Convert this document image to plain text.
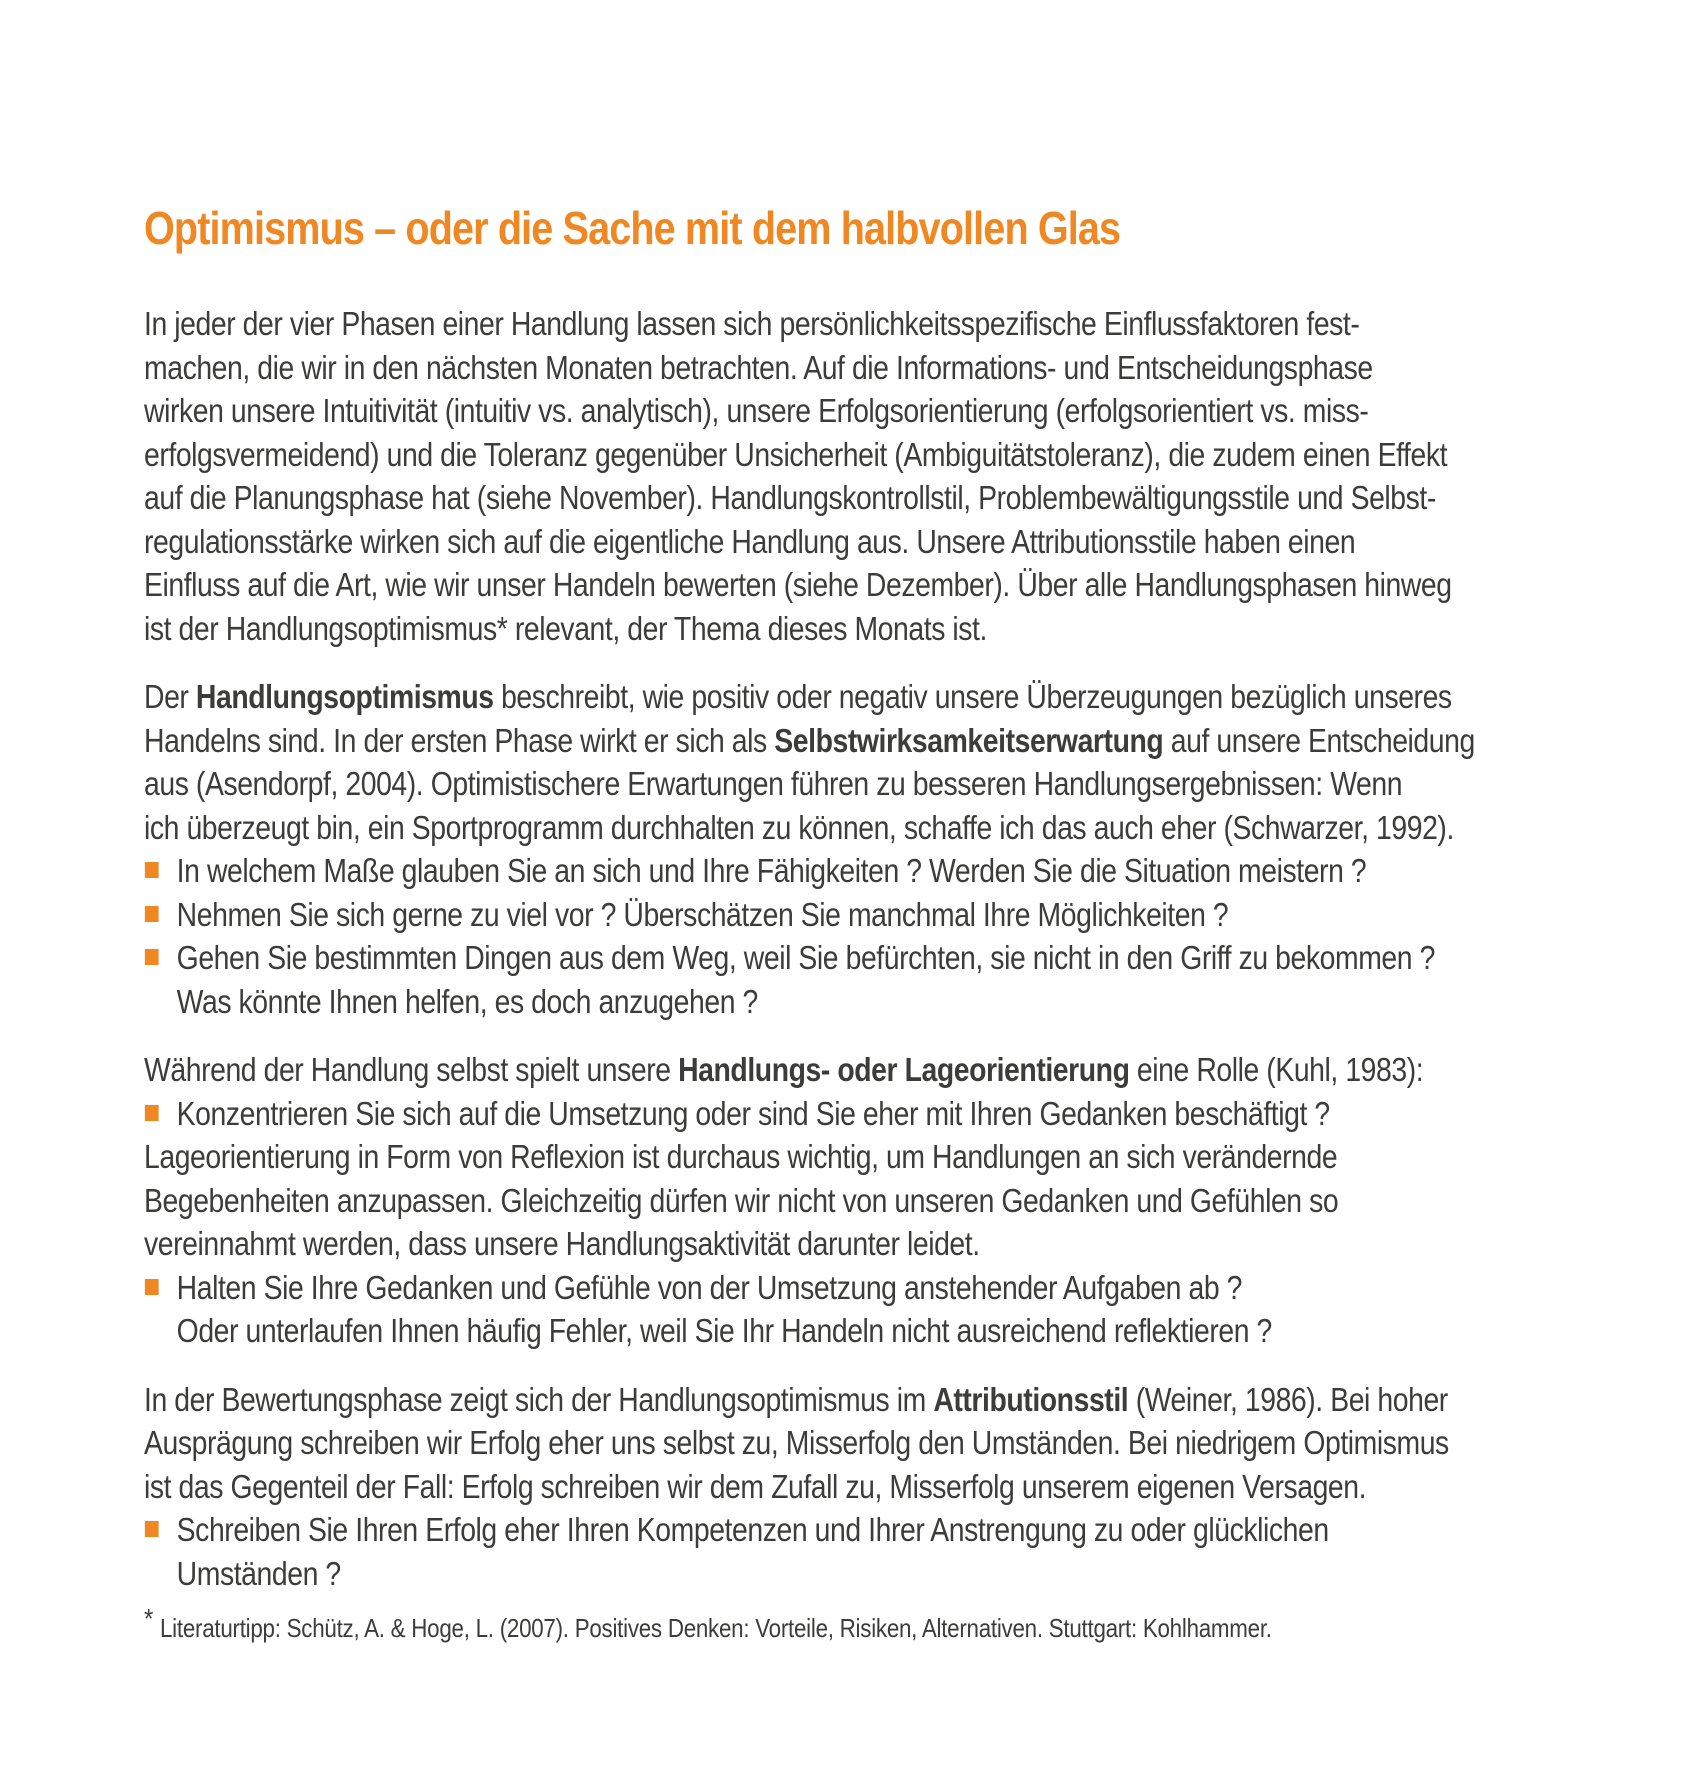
Optimismus – oder die Sache mit dem halbvollen Glas
In jeder der vier Phasen einer Handlung lassen sich persönlichkeitsspezifische Einflussfaktoren fest-
machen, die wir in den nächsten Monaten betrachten. Auf die Informations- und Entscheidungsphase
wirken unsere Intuitivität (intuitiv vs. analytisch), unsere Erfolgsorientierung (erfolgsorientiert vs. miss-
erfolgsvermeidend) und die Toleranz gegenüber Unsicherheit (Ambiguitätstoleranz), die zudem einen Effekt
auf die Planungsphase hat (siehe November). Handlungskontrollstil, Problembewältigungsstile und Selbst-
regulationsstärke wirken sich auf die eigentliche Handlung aus. Unsere Attributionsstile haben einen
Einfluss auf die Art, wie wir unser Handeln bewerten (siehe Dezember). Über alle Handlungsphasen hinweg
ist der Handlungsoptimismus* relevant, der Thema dieses Monats ist.
Der Handlungsoptimismus beschreibt, wie positiv oder negativ unsere Überzeugungen bezüglich unseres
Handelns sind. In der ersten Phase wirkt er sich als Selbstwirksamkeitserwartung auf unsere Entscheidung
aus (Asendorpf, 2004). Optimistischere Erwartungen führen zu besseren Handlungsergebnissen: Wenn
ich überzeugt bin, ein Sportprogramm durchhalten zu können, schaffe ich das auch eher (Schwarzer, 1992).
In welchem Maße glauben Sie an sich und Ihre Fähigkeiten ? Werden Sie die Situation meistern ?
Nehmen Sie sich gerne zu viel vor ? Überschätzen Sie manchmal Ihre Möglichkeiten ?
Gehen Sie bestimmten Dingen aus dem Weg, weil Sie befürchten, sie nicht in den Griff zu bekommen ?
Was könnte Ihnen helfen, es doch anzugehen ?
Während der Handlung selbst spielt unsere Handlungs- oder Lageorientierung eine Rolle (Kuhl, 1983):
Konzentrieren Sie sich auf die Umsetzung oder sind Sie eher mit Ihren Gedanken beschäftigt ?
Lageorientierung in Form von Reflexion ist durchaus wichtig, um Handlungen an sich verändernde
Begebenheiten anzupassen. Gleichzeitig dürfen wir nicht von unseren Gedanken und Gefühlen so
vereinnahmt werden, dass unsere Handlungsaktivität darunter leidet.
Halten Sie Ihre Gedanken und Gefühle von der Umsetzung anstehender Aufgaben ab ?
Oder unterlaufen Ihnen häufig Fehler, weil Sie Ihr Handeln nicht ausreichend reflektieren ?
In der Bewertungsphase zeigt sich der Handlungsoptimismus im Attributionsstil (Weiner, 1986). Bei hoher
Ausprägung schreiben wir Erfolg eher uns selbst zu, Misserfolg den Umständen. Bei niedrigem Optimismus
ist das Gegenteil der Fall: Erfolg schreiben wir dem Zufall zu, Misserfolg unserem eigenen Versagen.
Schreiben Sie Ihren Erfolg eher Ihren Kompetenzen und Ihrer Anstrengung zu oder glücklichen
Umständen ?
* Literaturtipp: Schütz, A. & Hoge, L. (2007). Positives Denken: Vorteile, Risiken, Alternativen. Stuttgart: Kohlhammer.
